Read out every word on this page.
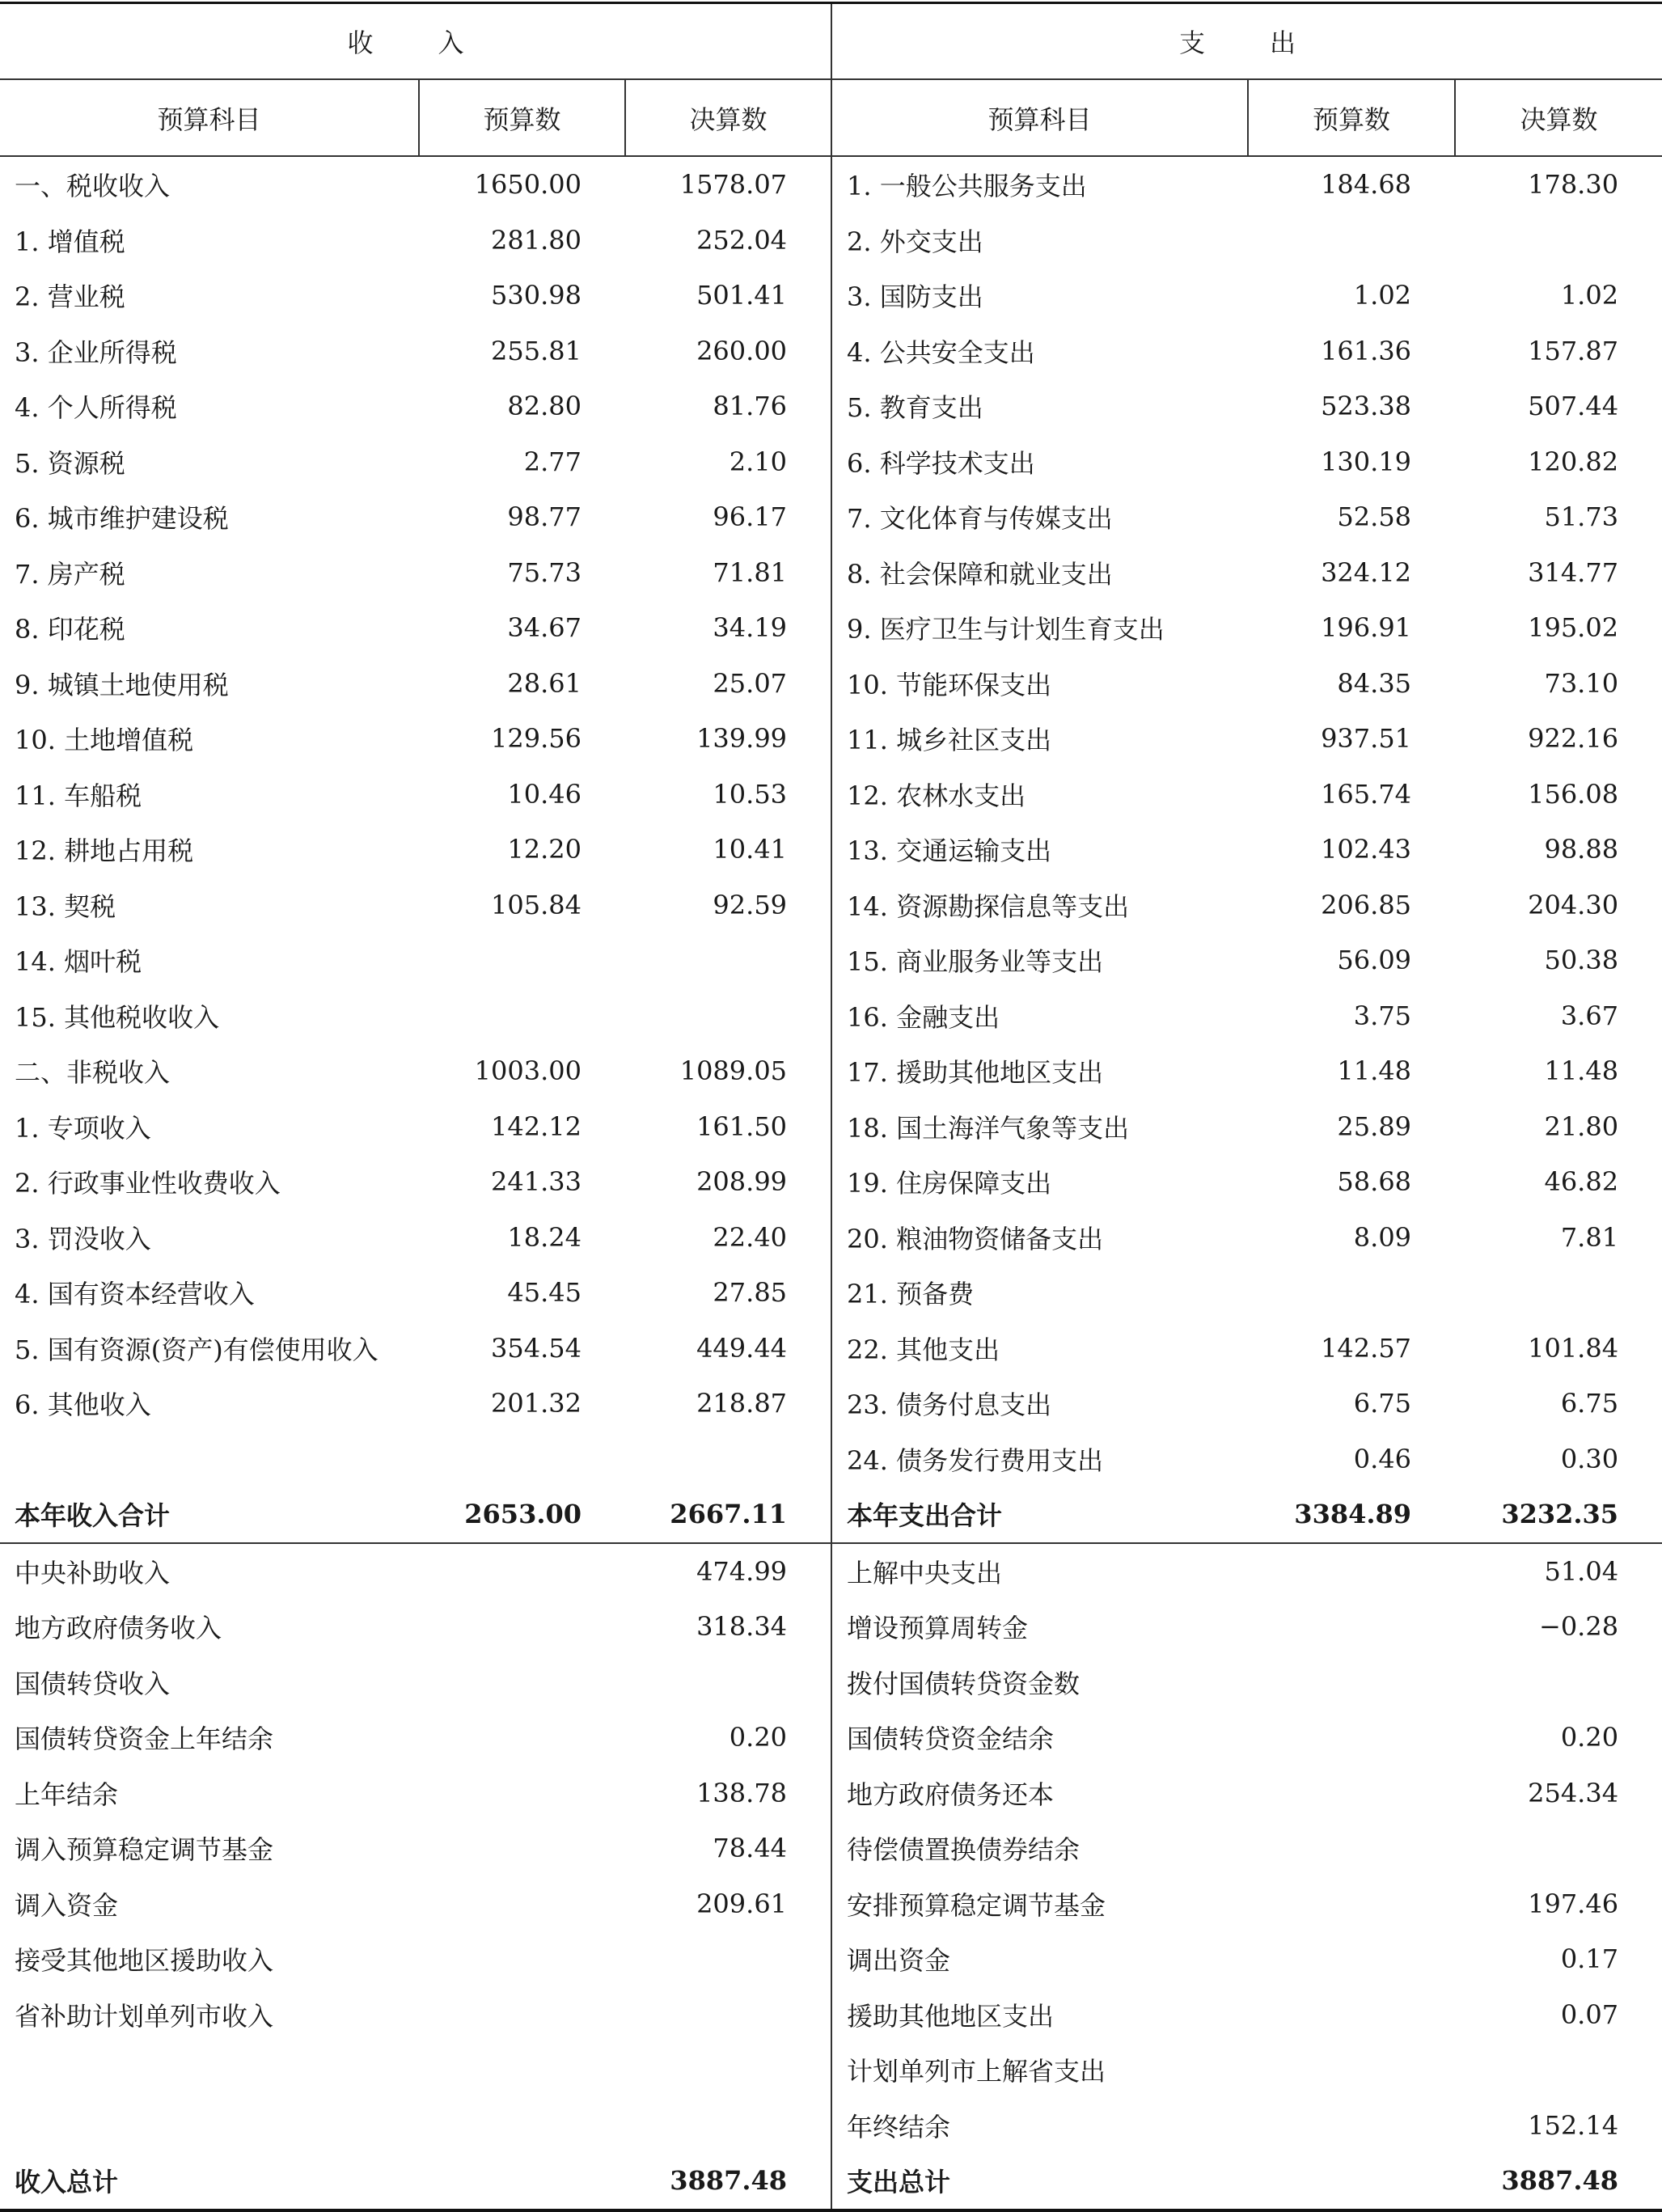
收　入			支　出		
预算科目	预算数	决算数	预算科目	预算数	决算数
一、税收收入	1650.00	1578.07	1. 一般公共服务支出	184.68	178.30
1. 增值税	281.80	252.04	2. 外交支出		
2. 营业税	530.98	501.41	3. 国防支出	1.02	1.02
3. 企业所得税	255.81	260.00	4. 公共安全支出	161.36	157.87
4. 个人所得税	82.80	81.76	5. 教育支出	523.38	507.44
5. 资源税	2.77	2.10	6. 科学技术支出	130.19	120.82
6. 城市维护建设税	98.77	96.17	7. 文化体育与传媒支出	52.58	51.73
7. 房产税	75.73	71.81	8. 社会保障和就业支出	324.12	314.77
8. 印花税	34.67	34.19	9. 医疗卫生与计划生育支出	196.91	195.02
9. 城镇土地使用税	28.61	25.07	10. 节能环保支出	84.35	73.10
10. 土地增值税	129.56	139.99	11. 城乡社区支出	937.51	922.16
11. 车船税	10.46	10.53	12. 农林水支出	165.74	156.08
12. 耕地占用税	12.20	10.41	13. 交通运输支出	102.43	98.88
13. 契税	105.84	92.59	14. 资源勘探信息等支出	206.85	204.30
14. 烟叶税			15. 商业服务业等支出	56.09	50.38
15. 其他税收收入			16. 金融支出	3.75	3.67
二、非税收入	1003.00	1089.05	17. 援助其他地区支出	11.48	11.48
1. 专项收入	142.12	161.50	18. 国土海洋气象等支出	25.89	21.80
2. 行政事业性收费收入	241.33	208.99	19. 住房保障支出	58.68	46.82
3. 罚没收入	18.24	22.40	20. 粮油物资储备支出	8.09	7.81
4. 国有资本经营收入	45.45	27.85	21. 预备费		
5. 国有资源(资产)有偿使用收入	354.54	449.44	22. 其他支出	142.57	101.84
6. 其他收入	201.32	218.87	23. 债务付息支出	6.75	6.75
			24. 债务发行费用支出	0.46	0.30
本年收入合计	2653.00	2667.11	本年支出合计	3384.89	3232.35
中央补助收入		474.99	上解中央支出		51.04
地方政府债务收入		318.34	增设预算周转金		−0.28
国债转贷收入			拨付国债转贷资金数		
国债转贷资金上年结余		0.20	国债转贷资金结余		0.20
上年结余		138.78	地方政府债务还本		254.34
调入预算稳定调节基金		78.44	待偿债置换债券结余		
调入资金		209.61	安排预算稳定调节基金		197.46
接受其他地区援助收入			调出资金		0.17
省补助计划单列市收入			援助其他地区支出		0.07
			计划单列市上解省支出		
			年终结余		152.14
收入总计		3887.48	支出总计		3887.48
